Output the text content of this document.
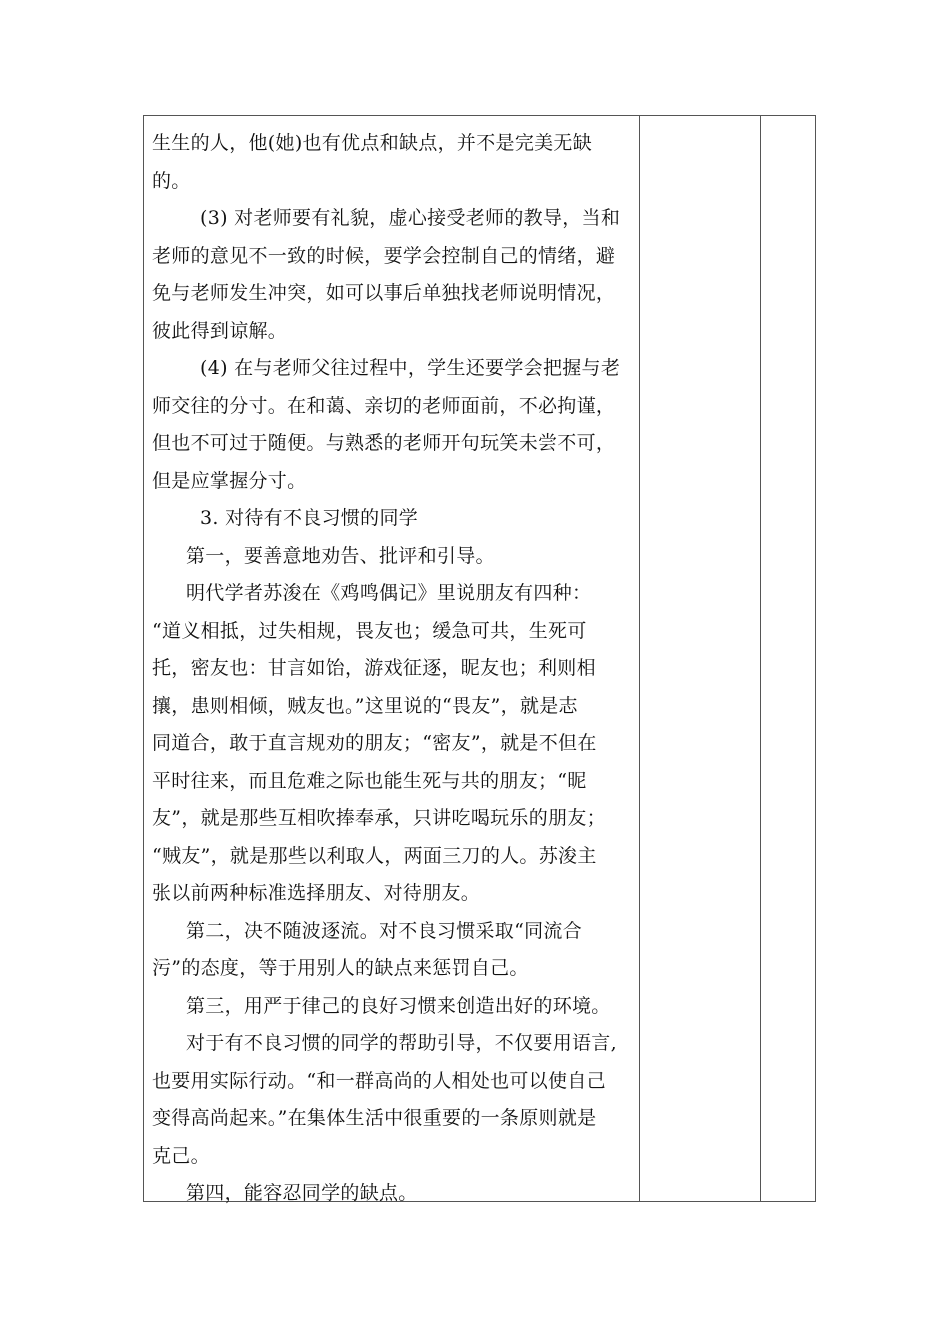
生生的人，他(她)也有优点和缺点，并不是完美无缺
的。
(3) 对老师要有礼貌，虚心接受老师的教导，当和
老师的意见不一致的时候，要学会控制自己的情绪，避
免与老师发生冲突，如可以事后单独找老师说明情况，
彼此得到谅解。
(4) 在与老师父往过程中，学生还要学会把握与老
师交往的分寸。在和蔼、亲切的老师面前，不必拘谨，
但也不可过于随便。与熟悉的老师开句玩笑未尝不可，
但是应掌握分寸。
3. 对待有不良习惯的同学
第一，要善意地劝告、批评和引导。
明代学者苏浚在《鸡鸣偶记》里说朋友有四种：
“道义相抵，过失相规，畏友也；缓急可共，生死可
托，密友也：甘言如饴，游戏征逐，昵友也；利则相
攘，患则相倾，贼友也。”这里说的“畏友”，就是志
同道合，敢于直言规劝的朋友；“密友”，就是不但在
平时往来，而且危难之际也能生死与共的朋友；“昵
友”，就是那些互相吹捧奉承，只讲吃喝玩乐的朋友；
“贼友”，就是那些以利取人，两面三刀的人。苏浚主
张以前两种标准选择朋友、对待朋友。
第二，决不随波逐流。对不良习惯采取“同流合
污”的态度，等于用别人的缺点来惩罚自己。
第三，用严于律己的良好习惯来创造出好的环境。
对于有不良习惯的同学的帮助引导，不仅要用语言,
也要用实际行动。“和一群高尚的人相处也可以使自己
变得高尚起来。”在集体生活中很重要的一条原则就是
克己。
第四，能容忍同学的缺点。
